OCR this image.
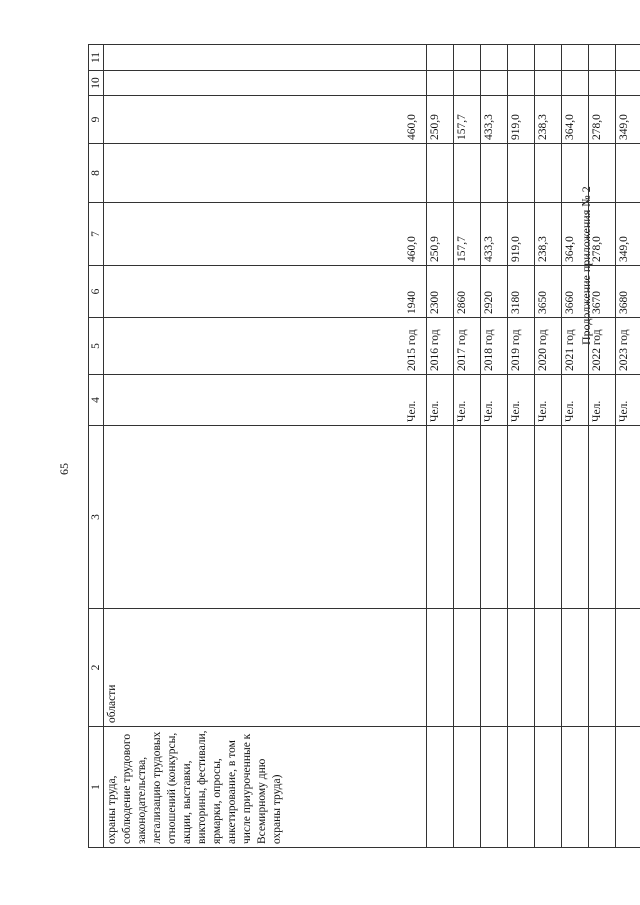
65
Продолжение приложения № 2
1	2	3	4	5	6	7	8	9	10	11
охраны труда, соблюдение трудового законодательства, легализацию трудовых отношений (конкурсы, акции, выставки, викторины, фестивали, ярмарки, опросы, анкетирование, в том числе приуроченные к Всемирному дню охраны труда)	области		Чел.	2015 год	1940	460,0		460,0		

			Чел.	2016 год	2300	250,9		250,9		
			Чел.	2017 год	2860	157,7		157,7		
			Чел.	2018 год	2920	433,3		433,3		
			Чел.	2019 год	3180	919,0		919,0		
			Чел.	2020 год	3650	238,3		238,3		
			Чел.	2021 год	3660	364,0		364,0		
			Чел.	2022 год	3670	278,0		278,0		
			Чел.	2023 год	3680	349,0		349,0		
